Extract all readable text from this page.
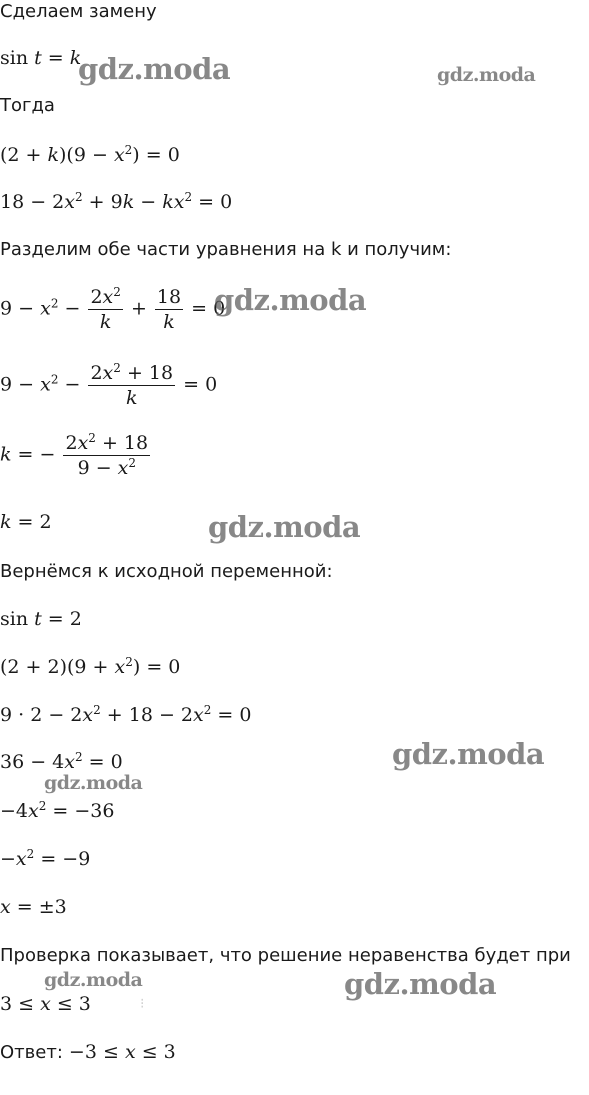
Сделаем замену
sin t = k
Тогда
$(2 + k)(9 - x^2) = 0$
$18 - 2x^2 + 9k - kx^2 = 0$
Разделим обе части уравнения на k и получим:
$9 - x^2 - \frac{2x^2}{k} + \frac{18}{k} = 0$
$9 - x^2 - \frac{2x^2 + 18}{k} = 0$
k = − $\frac{2x^2 + 18}{9 - x^2}$
k = 2
Вернёмся к исходной переменной:
sin t = 2
$(2 + 2)(9 + x^2) = 0$
$9 \cdot 2 - 2x^2 + 18 - 2x^2 = 0$
$36 - 4x^2 = 0$
$-4x^2 = -36$
$-x^2 = -9$
x = ±3
Проверка показывает, что решение неравенства будет при
3 ≤ x ≤ 3	⁝
Ответ: −3 ≤ x ≤ 3
gdz.moda	gdz.moda
gdz.moda
gdz.moda
gdz.moda
gdz.moda
gdz.moda	gdz.moda
